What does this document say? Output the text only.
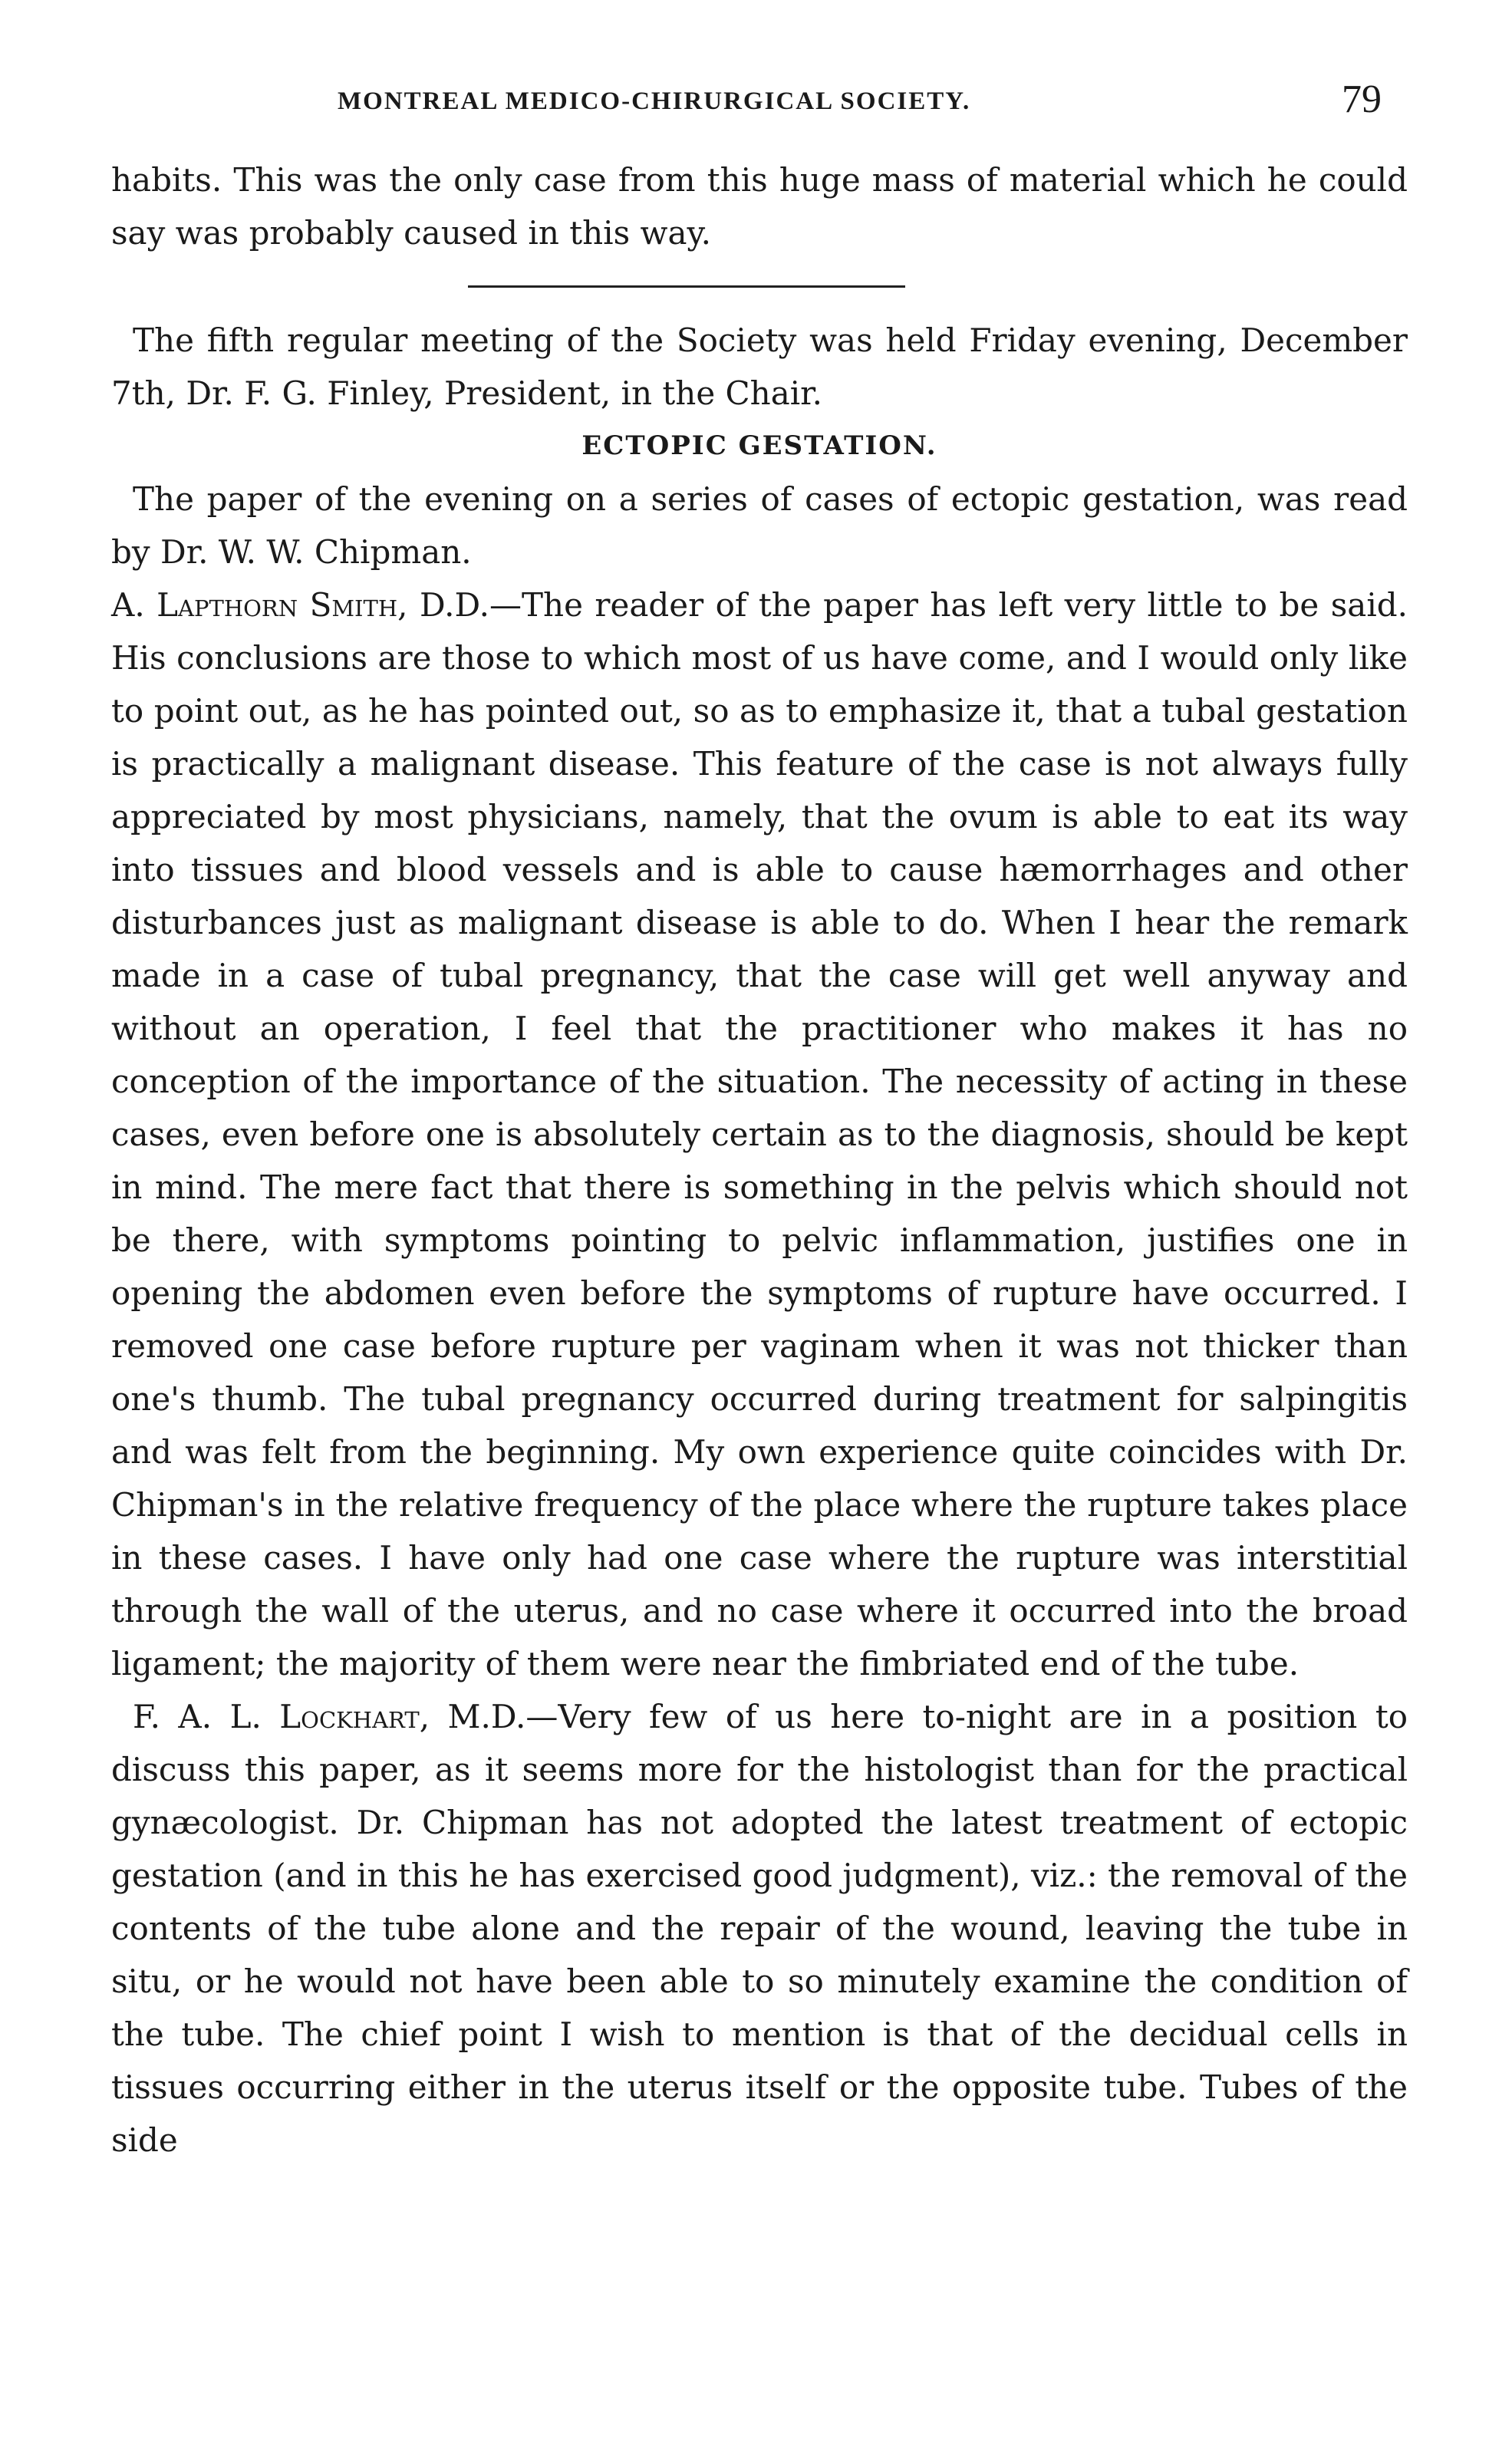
MONTREAL MEDICO-CHIRURGICAL SOCIETY.	79

habits. This was the only case from this huge mass of material which he could say was probably caused in this way.

The fifth regular meeting of the Society was held Friday evening, December 7th, Dr. F. G. Finley, President, in the Chair.

ECTOPIC GESTATION.

The paper of the evening on a series of cases of ectopic gestation, was read by Dr. W. W. Chipman.

A. Lapthorn Smith, D.D.—The reader of the paper has left very little to be said. His conclusions are those to which most of us have come, and I would only like to point out, as he has pointed out, so as to emphasize it, that a tubal gestation is practically a malignant disease. This feature of the case is not always fully appreciated by most physicians, namely, that the ovum is able to eat its way into tissues and blood vessels and is able to cause hæmorrhages and other disturbances just as malignant disease is able to do. When I hear the remark made in a case of tubal pregnancy, that the case will get well anyway and without an operation, I feel that the practitioner who makes it has no conception of the importance of the situation. The necessity of acting in these cases, even before one is absolutely certain as to the diagnosis, should be kept in mind. The mere fact that there is something in the pelvis which should not be there, with symptoms pointing to pelvic inflammation, justifies one in opening the abdomen even before the symptoms of rupture have occurred. I removed one case before rupture per vaginam when it was not thicker than one's thumb. The tubal pregnancy occurred during treatment for salpingitis and was felt from the beginning. My own experience quite coincides with Dr. Chipman's in the relative frequency of the place where the rupture takes place in these cases. I have only had one case where the rupture was interstitial through the wall of the uterus, and no case where it occurred into the broad ligament; the majority of them were near the fimbriated end of the tube.

F. A. L. Lockhart, M.D.—Very few of us here to-night are in a position to discuss this paper, as it seems more for the histologist than for the practical gynæcologist. Dr. Chipman has not adopted the latest treatment of ectopic gestation (and in this he has exercised good judgment), viz.: the removal of the contents of the tube alone and the repair of the wound, leaving the tube in situ, or he would not have been able to so minutely examine the condition of the tube. The chief point I wish to mention is that of the decidual cells in tissues occurring either in the uterus itself or the opposite tube. Tubes of the side
